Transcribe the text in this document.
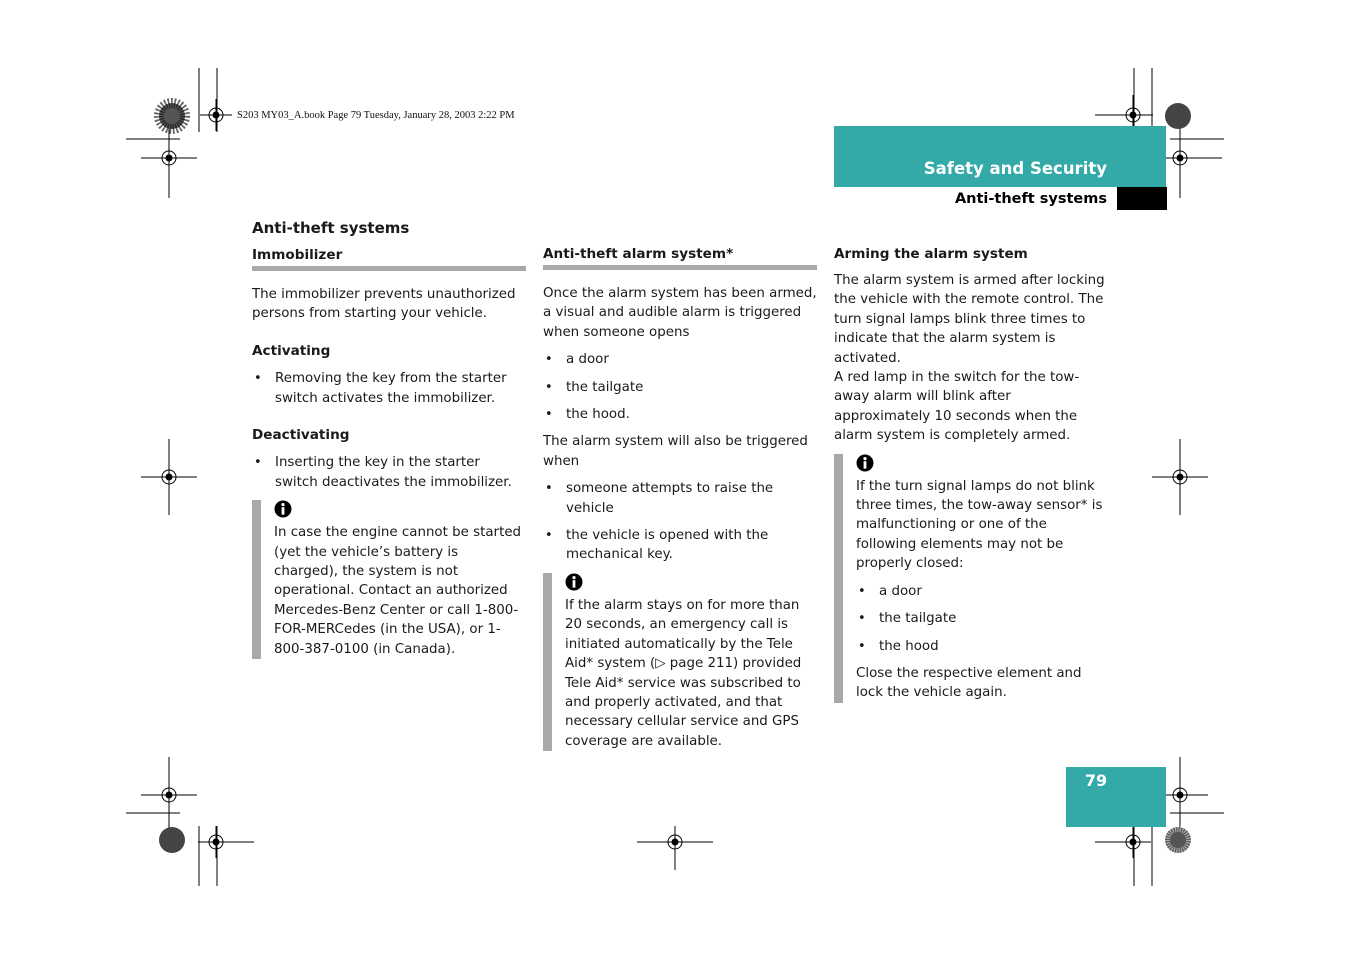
S203 MY03_A.book Page 79 Tuesday, January 28, 2003 2:22 PM
Safety and Security
Anti-theft systems
79
Anti-theft systems
Immobilizer

The immobilizer prevents unauthorized persons from starting your vehicle.

Activating
• Removing the key from the starter switch activates the immobilizer.
Deactivating
• Inserting the key in the starter switch deactivates the immobilizer.
In case the engine cannot be started (yet the vehicle’s battery is charged), the system is not operational. Contact an authorized Mercedes-Benz Center or call 1-800-FOR-MERCedes (in the USA), or 1-800-387-0100 (in Canada).
Anti-theft alarm system*

Once the alarm system has been armed, a visual and audible alarm is triggered when someone opens

• a door
• the tailgate
• the hood.

The alarm system will also be triggered when

• someone attempts to raise the vehicle
• the vehicle is opened with the mechanical key.
If the alarm stays on for more than 20 seconds, an emergency call is initiated automatically by the Tele Aid* system (▷ page 211) provided Tele Aid* service was subscribed to and properly activated, and that necessary cellular service and GPS coverage are available.
Arming the alarm system
The alarm system is armed after locking the vehicle with the remote control. The turn signal lamps blink three times to indicate that the alarm system is activated.

A red lamp in the switch for the tow-away alarm will blink after approximately 10 seconds when the alarm system is completely armed.

If the turn signal lamps do not blink three times, the tow-away sensor* is malfunctioning or one of the following elements may not be properly closed:

• a door
• the tailgate
• the hood
Close the respective element and lock the vehicle again.
